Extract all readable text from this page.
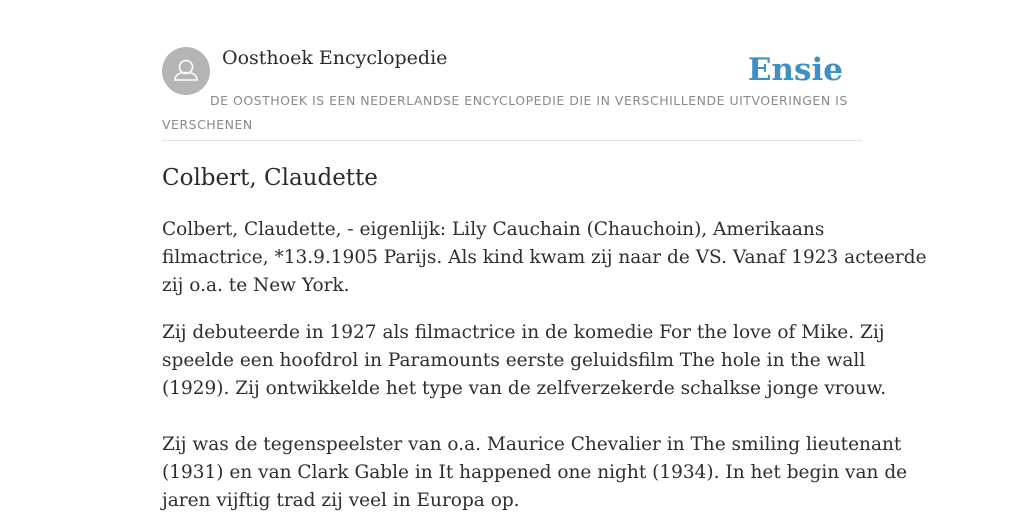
Oosthoek Encyclopedie	Ensie
DE OOSTHOEK IS EEN NEDERLANDSE ENCYCLOPEDIE DIE IN VERSCHILLENDE UITVOERINGEN IS VERSCHENEN
Colbert, Claudette

Colbert, Claudette, - eigenlijk: Lily Cauchain (Chauchoin), Amerikaans
filmactrice, *13.9.1905 Parijs. Als kind kwam zij naar de VS. Vanaf 1923 acteerde
zij o.a. te New York.

Zij debuteerde in 1927 als filmactrice in de komedie For the love of Mike. Zij
speelde een hoofdrol in Paramounts eerste geluidsfilm The hole in the wall
(1929). Zij ontwikkelde het type van de zelfverzekerde schalkse jonge vrouw.

Zij was de tegenspeelster van o.a. Maurice Chevalier in The smiling lieutenant
(1931) en van Clark Gable in It happened one night (1934). In het begin van de
jaren vijftig trad zij veel in Europa op.
